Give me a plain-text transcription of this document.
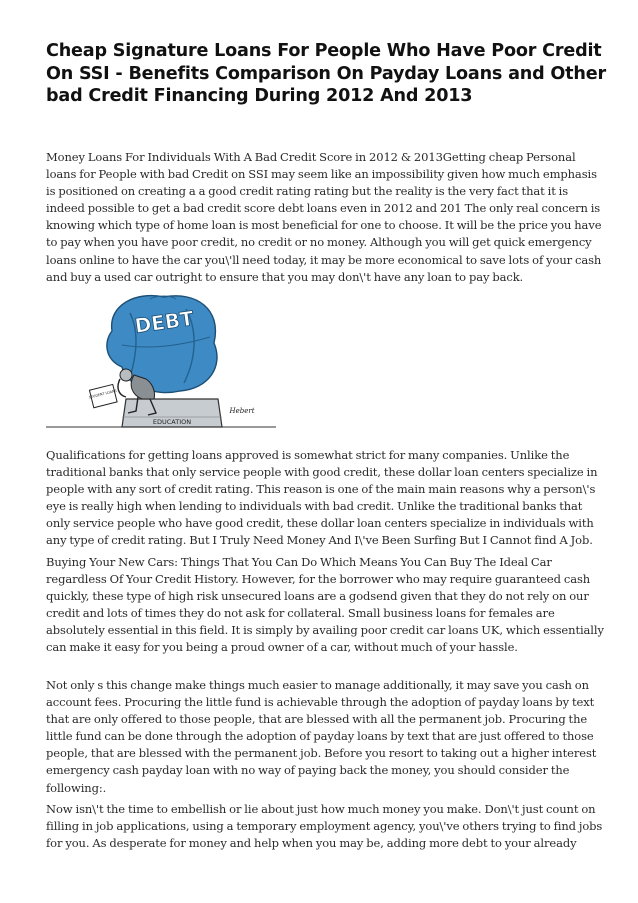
Cheap Signature Loans For People Who Have Poor Credit On SSI - Benefits Comparison On Payday Loans and Other bad Credit Financing During 2012 And 2013

Money Loans For Individuals With A Bad Credit Score in 2012 & 2013Getting cheap Personal loans for People with bad Credit on SSI may seem like an impossibility given how much emphasis is positioned on creating a a good credit rating rating but the reality is the very fact that it is indeed possible to get a bad credit score debt loans even in 2012 and 201 The only real concern is knowing which type of home loan is most beneficial for one to choose. It will be the price you have to pay when you have poor credit, no credit or no money. Although you will get quick emergency loans online to have the car you\'ll need today, it may be more economical to save lots of your cash and buy a used car outright to ensure that you may don\'t have any loan to pay back.

EDUCATION
DEBT
STUDENT LOANS
Hebert

Qualifications for getting loans approved is somewhat strict for many companies. Unlike the traditional banks that only service people with good credit, these dollar loan centers specialize in people with any sort of credit rating. This reason is one of the main main reasons why a person\'s eye is really high when lending to individuals with bad credit. Unlike the traditional banks that only service people who have good credit, these dollar loan centers specialize in individuals with any type of credit rating. But I Truly Need Money And I\'ve Been Surfing But I Cannot find A Job.

Buying Your New Cars: Things That You Can Do Which Means You Can Buy The Ideal Car regardless Of Your Credit History. However, for the borrower who may require guaranteed cash quickly, these type of high risk unsecured loans are a godsend given that they do not rely on our credit and lots of times they do not ask for collateral. Small business loans for females are absolutely essential in this field. It is simply by availing poor credit car loans UK, which essentially can make it easy for you being a proud owner of a car, without much of your hassle.

Not only s this change make things much easier to manage additionally, it may save you cash on account fees. Procuring the little fund is achievable through the adoption of payday loans by text that are only offered to those people, that are blessed with all the permanent job. Procuring the little fund can be done through the adoption of payday loans by text that are just offered to those people, that are blessed with the permanent job. Before you resort to taking out a higher interest emergency cash payday loan with no way of paying back the money, you should consider the following:.

Now isn\'t the time to embellish or lie about just how much money you make. Don\'t just count on filling in job applications, using a temporary employment agency, you\'ve others trying to find jobs for you. As desperate for money and help when you may be, adding more debt to your already
